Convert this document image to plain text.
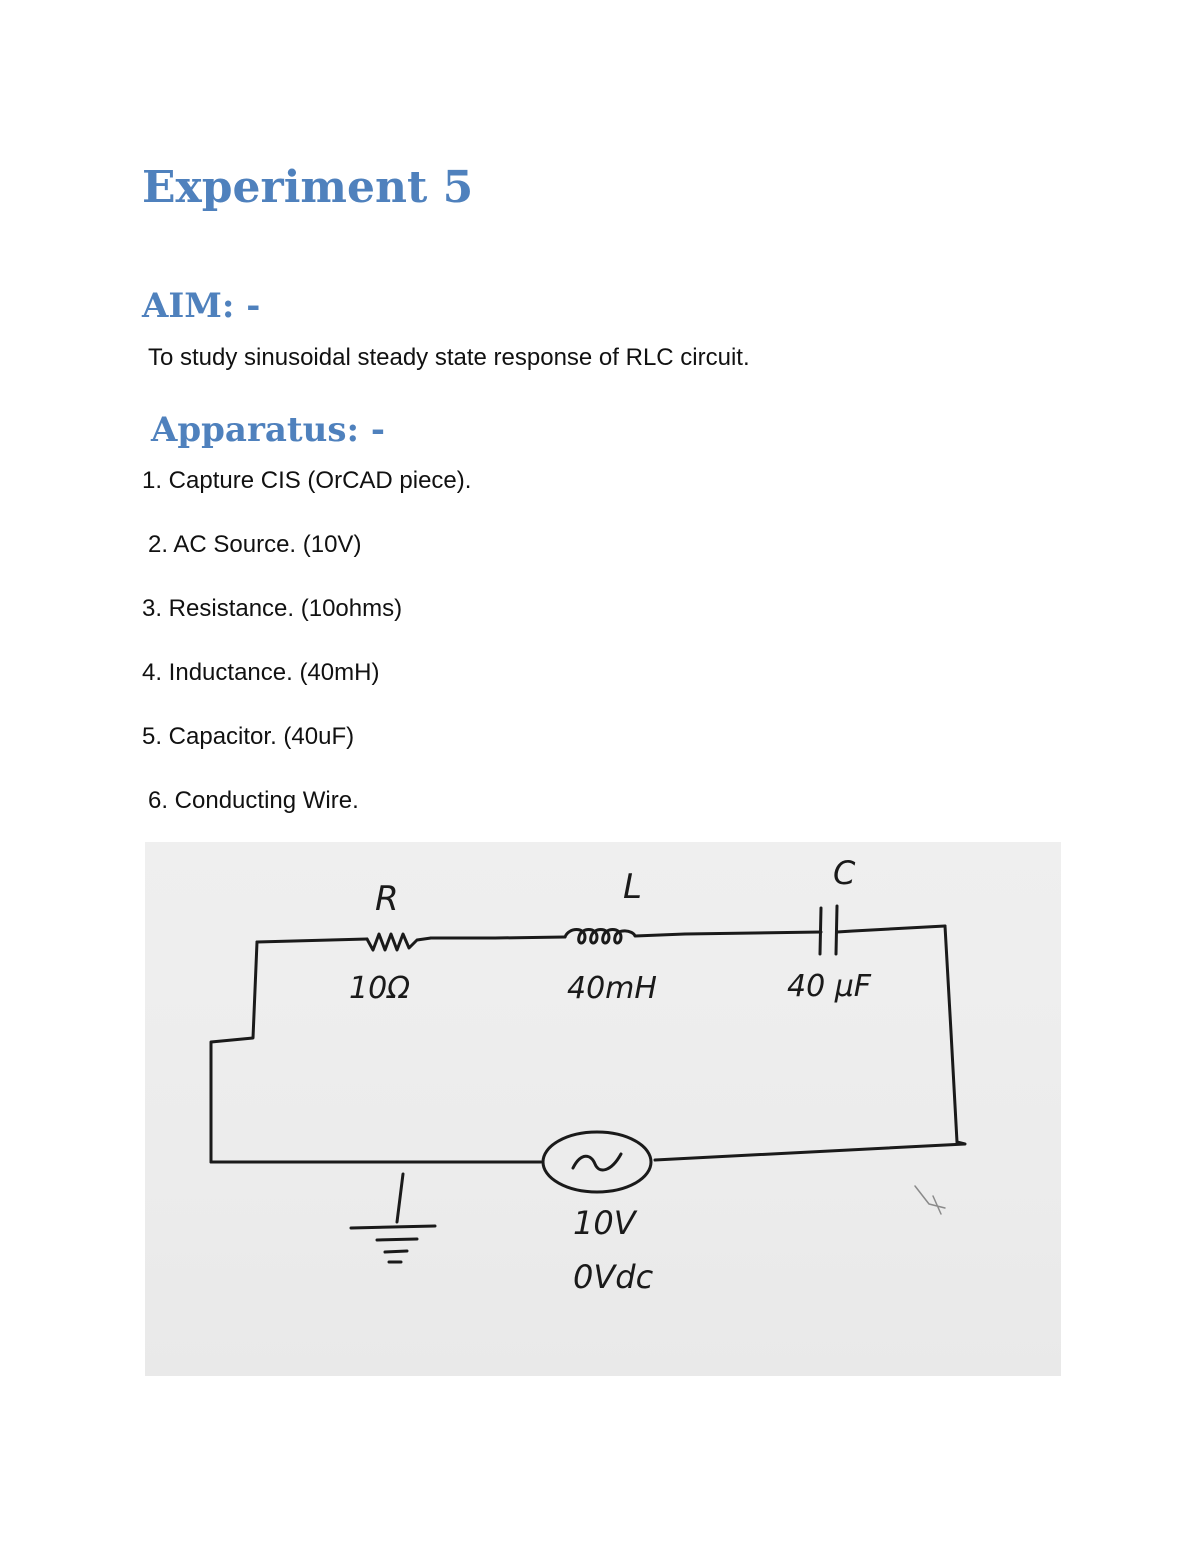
Experiment 5
AIM: -

To study sinusoidal steady state response of RLC circuit.

Apparatus: -

1. Capture CIS (OrCAD piece).

2. AC Source. (10V)

3. Resistance. (10ohms)

4. Inductance. (40mH)

5. Capacitor. (40uF)

6. Conducting Wire.

R
10Ω
L
40mH
C
40 μF
10V
0Vdc
